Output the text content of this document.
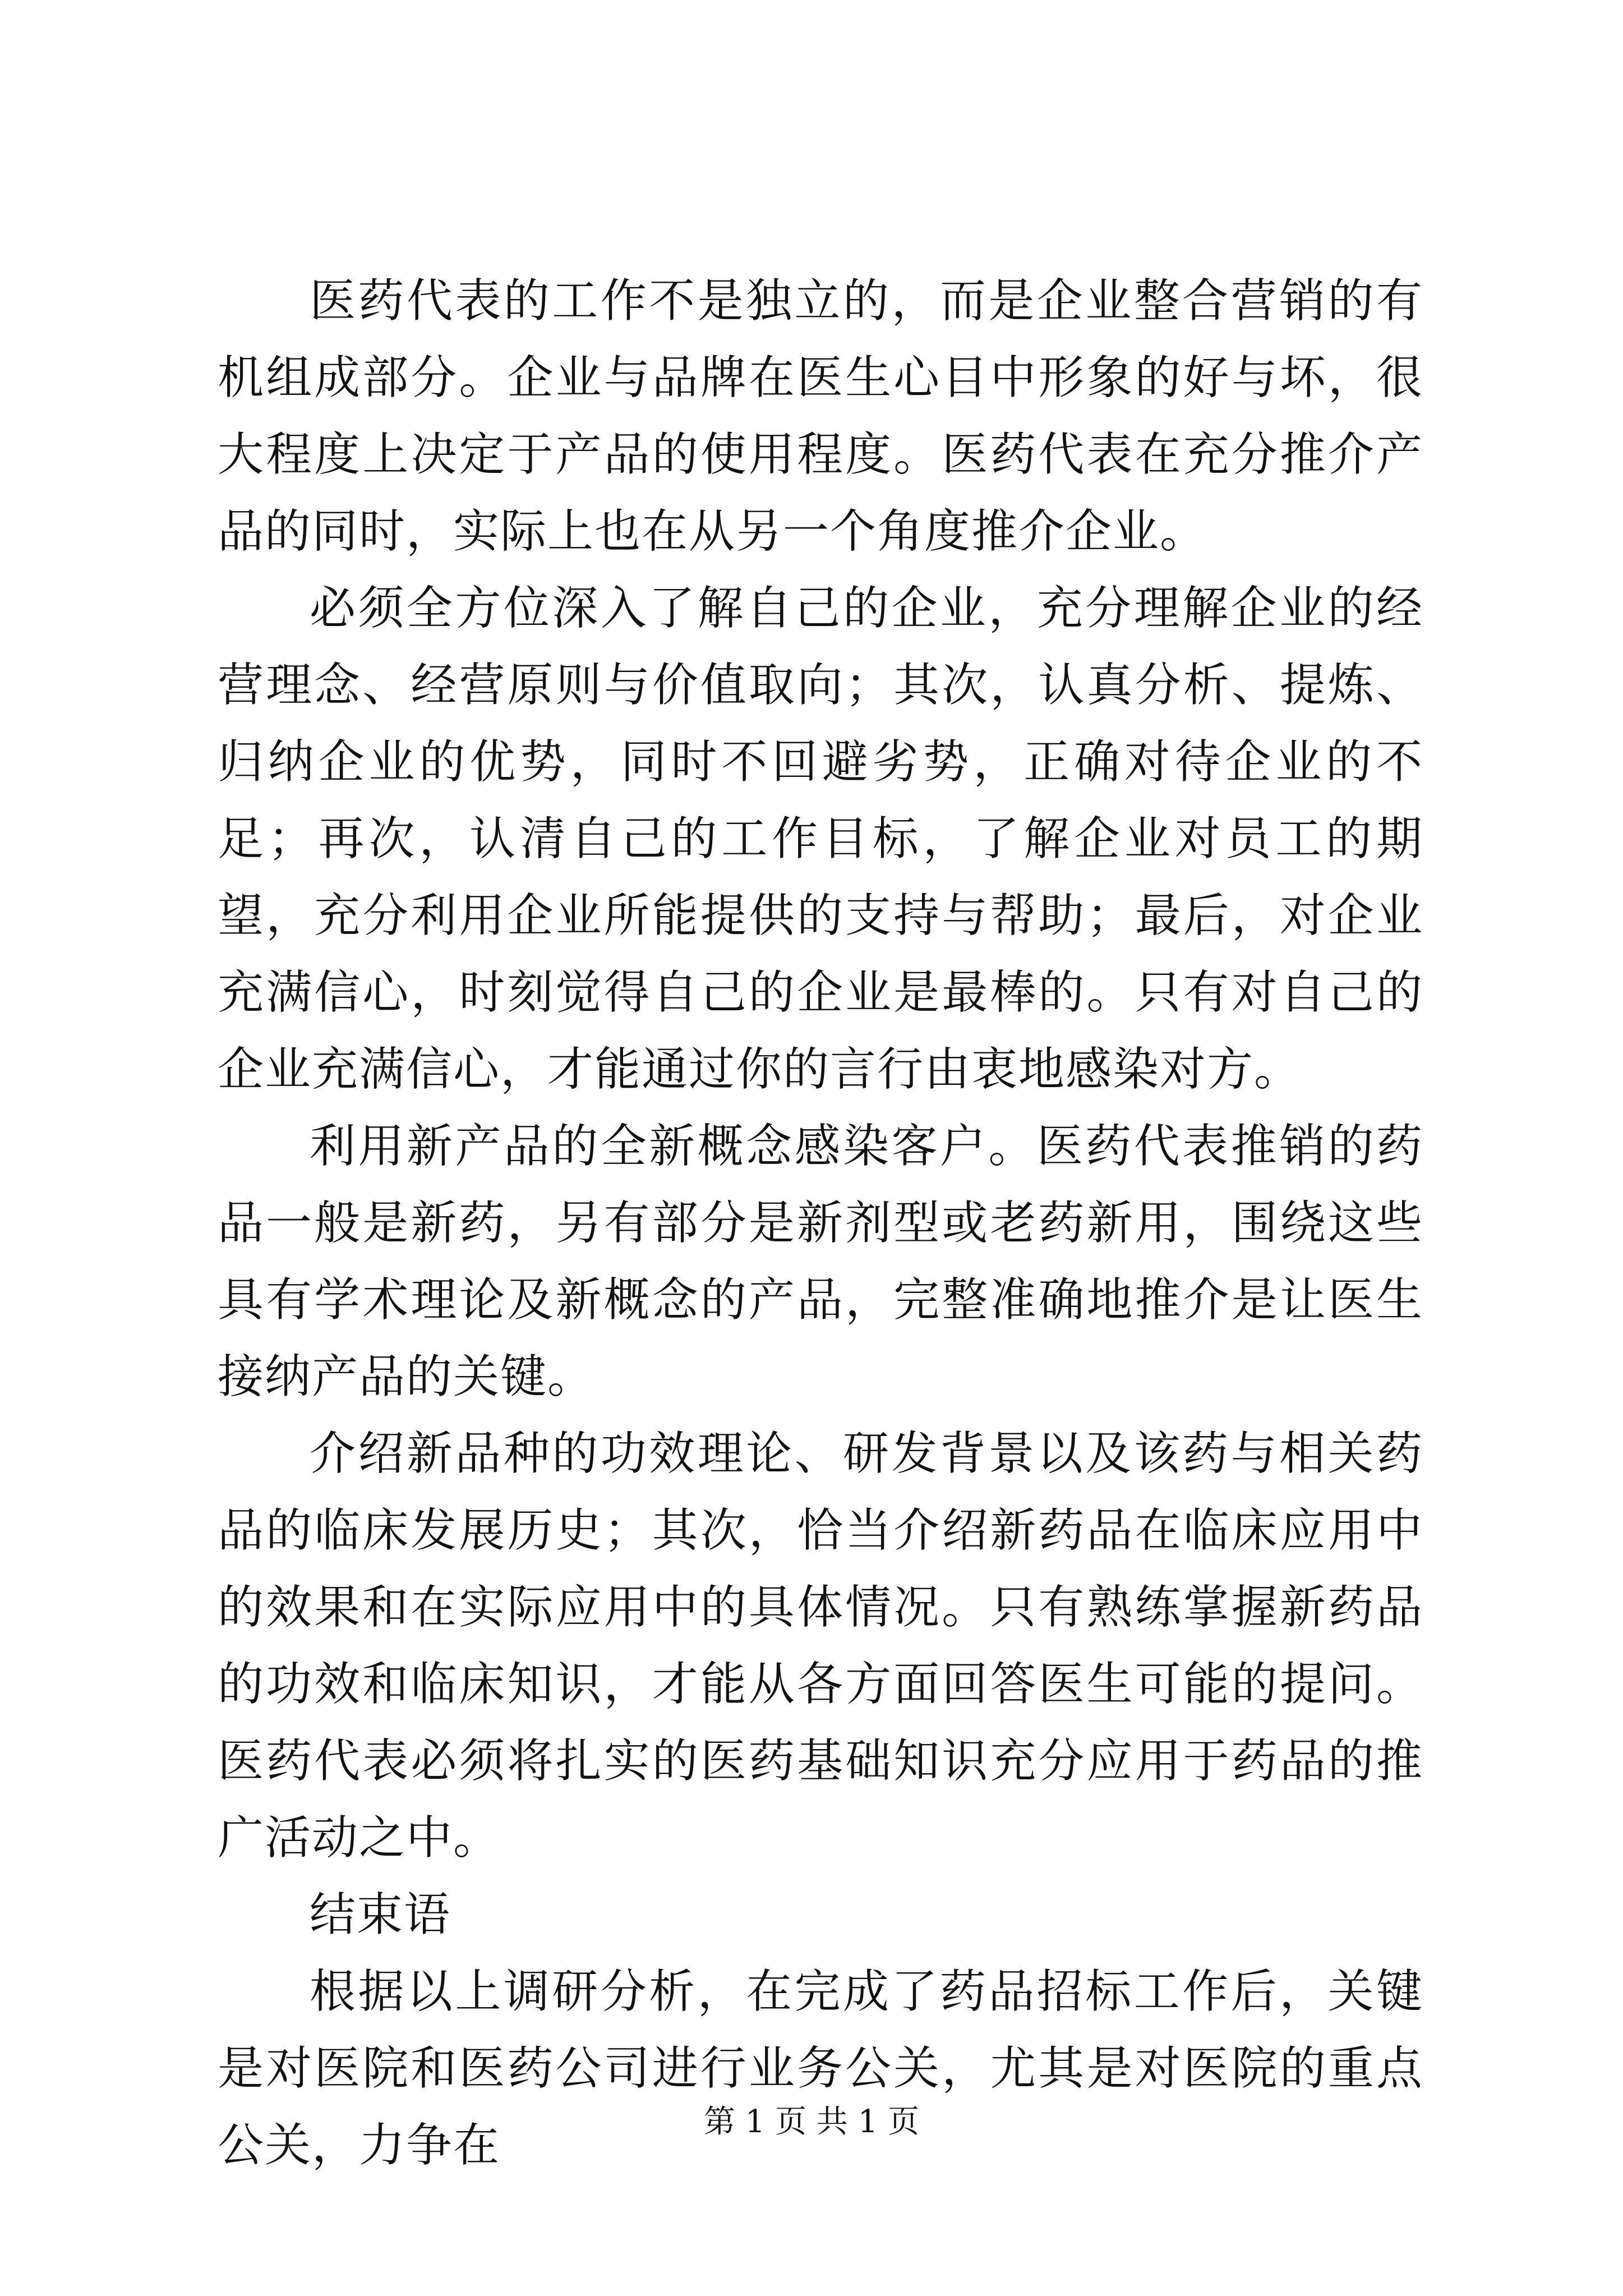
医药代表的工作不是独立的，而是企业整合营销的有机组成部分。企业与品牌在医生心目中形象的好与坏，很大程度上决定于产品的使用程度。医药代表在充分推介产品的同时，实际上也在从另一个角度推介企业。

必须全方位深入了解自己的企业，充分理解企业的经营理念、经营原则与价值取向；其次，认真分析、提炼、归纳企业的优势，同时不回避劣势，正确对待企业的不足；再次，认清自己的工作目标，了解企业对员工的期望，充分利用企业所能提供的支持与帮助；最后，对企业充满信心，时刻觉得自己的企业是最棒的。只有对自己的企业充满信心，才能通过你的言行由衷地感染对方。

利用新产品的全新概念感染客户。医药代表推销的药品一般是新药，另有部分是新剂型或老药新用，围绕这些具有学术理论及新概念的产品，完整准确地推介是让医生接纳产品的关键。

介绍新品种的功效理论、研发背景以及该药与相关药品的临床发展历史；其次，恰当介绍新药品在临床应用中的效果和在实际应用中的具体情况。只有熟练掌握新药品的功效和临床知识，才能从各方面回答医生可能的提问。医药代表必须将扎实的医药基础知识充分应用于药品的推广活动之中。

结束语

根据以上调研分析，在完成了药品招标工作后，关键是对医院和医药公司进行业务公关，尤其是对医院的重点公关，力争在	第 1 页 共 1 页
